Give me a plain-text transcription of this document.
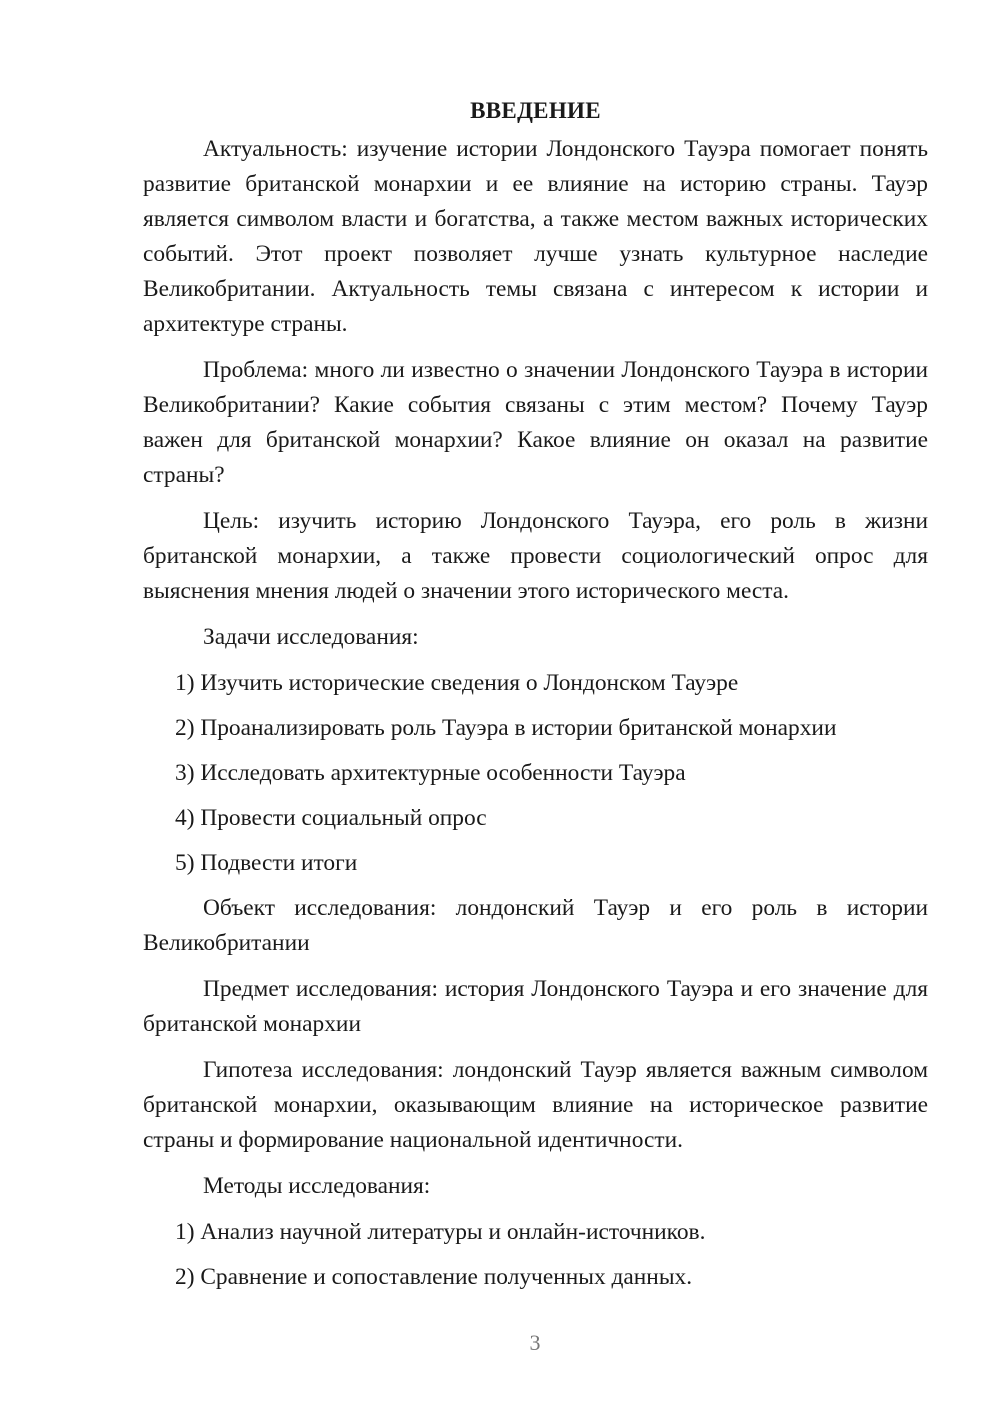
ВВЕДЕНИЕ

Актуальность: изучение истории Лондонского Тауэра помогает понять развитие британской монархии и ее влияние на историю страны. Тауэр является символом власти и богатства, а также местом важных исторических событий. Этот проект позволяет лучше узнать культурное наследие Великобритании. Актуальность темы связана с интересом к истории и архитектуре страны.

Проблема: много ли известно о значении Лондонского Тауэра в истории Великобритании? Какие события связаны с этим местом? Почему Тауэр важен для британской монархии? Какое влияние он оказал на развитие страны?

Цель: изучить историю Лондонского Тауэра, его роль в жизни британской монархии, а также провести социологический опрос для выяснения мнения людей о значении этого исторического места.

Задачи исследования:

1) Изучить исторические сведения о Лондонском Тауэре
2) Проанализировать роль Тауэра в истории британской монархии
3) Исследовать архитектурные особенности Тауэра
4) Провести социальный опрос
5) Подвести итоги

Объект исследования: лондонский Тауэр и его роль в истории Великобритании

Предмет исследования: история Лондонского Тауэра и его значение для британской монархии

Гипотеза исследования: лондонский Тауэр является важным символом британской монархии, оказывающим влияние на историческое развитие страны и формирование национальной идентичности.

Методы исследования:

1) Анализ научной литературы и онлайн-источников.
2) Сравнение и сопоставление полученных данных.
3
